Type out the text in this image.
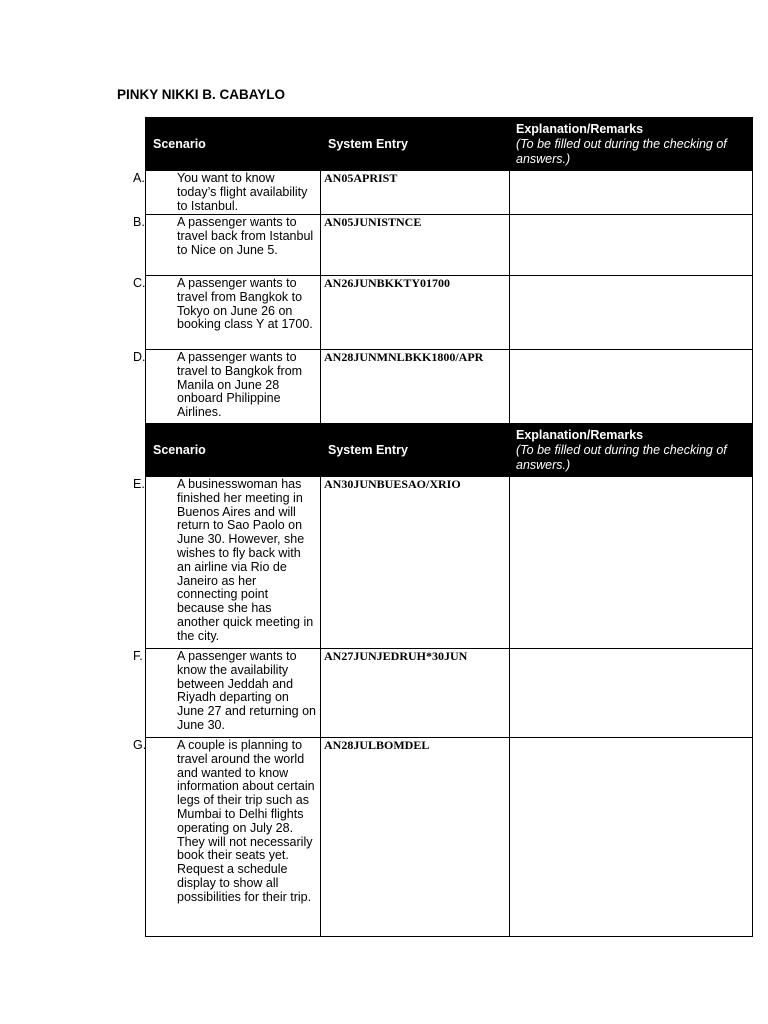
PINKY NIKKI B. CABAYLO
Scenario	System Entry	Explanation/Remarks
(To be filled out during the checking of answers.)

A. You want to know today’s flight availability to Istanbul.	AN05APRIST	

B. A passenger wants to travel back from Istanbul to Nice on June 5.	AN05JUNISTNCE	

C. A passenger wants to travel from Bangkok to Tokyo on June 26 on booking class Y at 1700.	AN26JUNBKKTY01700	

D. A passenger wants to travel to Bangkok from Manila on June 28 onboard Philippine Airlines.	AN28JUNMNLBKK1800/APR	

Scenario	System Entry	Explanation/Remarks
(To be filled out during the checking of answers.)

E. A businesswoman has finished her meeting in Buenos Aires and will return to Sao Paolo on June 30. However, she wishes to fly back with an airline via Rio de Janeiro as her connecting point because she has another quick meeting in the city.	AN30JUNBUESAO/XRIO	

F. A passenger wants to know the availability between Jeddah and Riyadh departing on June 27 and returning on June 30.	AN27JUNJEDRUH*30JUN	

G. A couple is planning to travel around the world and wanted to know information about certain legs of their trip such as Mumbai to Delhi flights operating on July 28. They will not necessarily book their seats yet. Request a schedule display to show all possibilities for their trip.	AN28JULBOMDEL	
